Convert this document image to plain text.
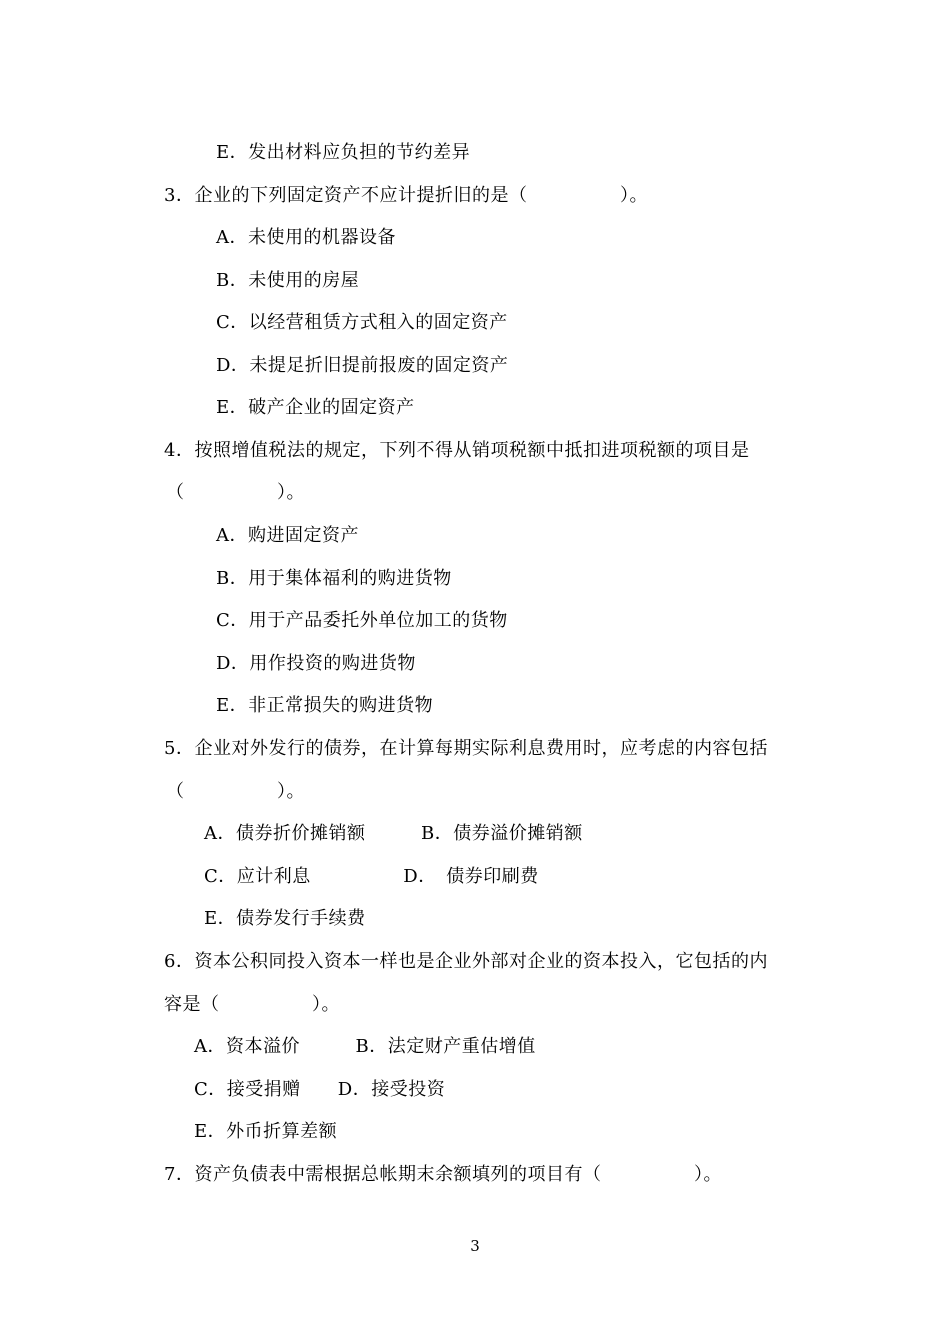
E．发出材料应负担的节约差异
3．企业的下列固定资产不应计提折旧的是（　　　　　）。
A．未使用的机器设备
B．未使用的房屋
C．以经营租赁方式租入的固定资产
D．未提足折旧提前报废的固定资产
E．破产企业的固定资产
4．按照增值税法的规定，下列不得从销项税额中抵扣进项税额的项目是
（　　　　　）。
A．购进固定资产
B．用于集体福利的购进货物
C．用于产品委托外单位加工的货物
D．用作投资的购进货物
E．非正常损失的购进货物
5．企业对外发行的债券，在计算每期实际利息费用时，应考虑的内容包括
（　　　　　）。
A．债券折价摊销额　　　B．债券溢价摊销额
C．应计利息　　　　　D．　债券印刷费
E．债券发行手续费
6．资本公积同投入资本一样也是企业外部对企业的资本投入，它包括的内
容是（　　　　　）。
A．资本溢价　　　B．法定财产重估增值
C．接受捐赠　　D．接受投资
E．外币折算差额
7．资产负债表中需根据总帐期末余额填列的项目有（　　　　　）。
3
